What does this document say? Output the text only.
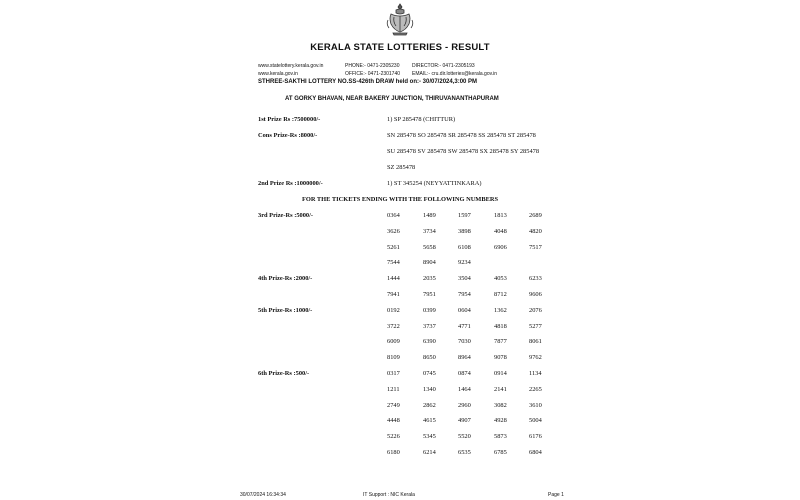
KERALA STATE LOTTERIES - RESULT
www.statelottery.kerala.gov.in
www.kerala.gov.in
PHONE:- 0471-2305230
OFFICE:- 0471-2301740
DIRECTOR:- 0471-2305193
EMAIL:- cru.dir.lotteries@kerala.gov.in
STHREE-SAKTHI LOTTERY NO.SS-426th DRAW held on:- 30/07/2024,3:00 PM
AT GORKY BHAVAN, NEAR BAKERY JUNCTION, THIRUVANANTHAPURAM
1st Prize Rs :7500000/-	1) SP 285478 (CHITTUR)
Cons Prize-Rs :8000/-	SN 285478 SO 285478 SR 285478 SS 285478 ST 285478
SU 285478 SV 285478 SW 285478 SX 285478 SY 285478
SZ 285478
2nd Prize Rs :1000000/-	1) ST 345254 (NEYYATTINKARA)
FOR THE TICKETS ENDING WITH THE FOLLOWING NUMBERS
3rd Prize-Rs :5000/-	0364	1489	1597	1813	2689
3626	3734	3898	4048	4820
5261	5658	6108	6906	7517
7544	8904	9234
4th Prize-Rs :2000/-	1444	2035	3504	4053	6233
7941	7951	7954	8712	9606
5th Prize-Rs :1000/-	0192	0399	0604	1362	2076
3722	3737	4771	4818	5277
6009	6390	7030	7877	8061
8109	8650	8964	9078	9762
6th Prize-Rs :500/-	0317	0745	0874	0914	1134
1211	1340	1464	2141	2265
2749	2862	2960	3082	3610
4448	4615	4907	4928	5004
5226	5345	5520	5873	6176
6180	6214	6535	6785	6804
30/07/2024 16:34:34	IT Support : NIC Kerala	Page 1
